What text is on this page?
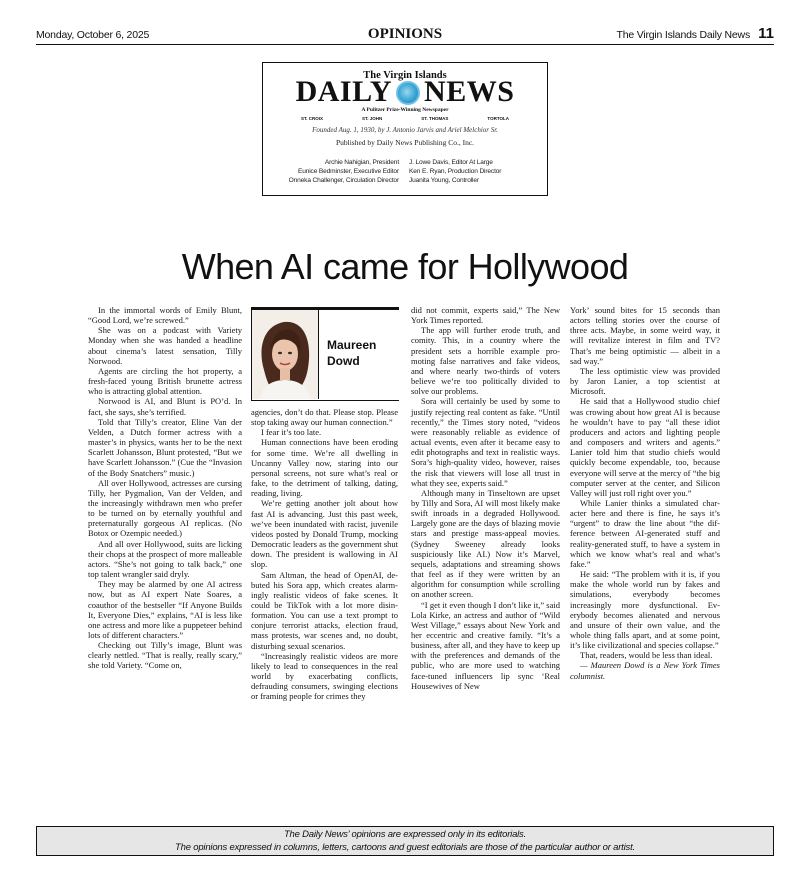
Monday, October 6, 2025	OPINIONS	The Virgin Islands Daily News 11
The Virgin Islands
DAILY NEWS
A Pulitzer Prize-Winning Newspaper
ST. CROIX	ST. JOHN	ST. THOMAS	TORTOLA
Founded Aug. 1, 1930, by J. Antonio Jarvis and Ariel Melchior Sr.
Published by Daily News Publishing Co., Inc.
Archie Nahigian, President
Eunice Bedminster, Executive Editor
Onneka Challenger, Circulation Director
J. Lowe Davis, Editor At Large
Ken E. Ryan, Production Director
Juanita Young, Controller
When AI came for Hollywood

In the immortal words of Emily Blunt, “Good Lord, we’re screwed.”

She was on a podcast with Variety Monday when she was handed a headline about cinema’s latest sensation, Tilly Norwood.

Agents are circling the hot property, a fresh-faced young British brunette actress who is attracting global attention.

Norwood is AI, and Blunt is PO’d. In fact, she says, she’s terrified.

Told that Tilly’s creator, Eline Van der Velden, a Dutch former actress with a master’s in physics, wants her to be the next Scarlett Johansson, Blunt protested, “But we have Scarlett Johansson.” (Cue the “Invasion of the Body Snatchers” music.)

All over Hollywood, actresses are cursing Tilly, her Pygmalion, Van der Velden, and the increasingly withdrawn men who prefer to be turned on by eternally youthful and preternaturally gorgeous AI replicas. (No Botox or Ozempic needed.)

And all over Hollywood, suits are licking their chops at the prospect of more malleable actors. “She’s not going to talk back,” one top talent wrangler said dryly.

They may be alarmed by one AI actress now, but as AI expert Nate Soares, a coauthor of the bestseller “If Anyone Builds It, Everyone Dies,” explains, “AI is less like one actress and more like a puppeteer behind lots of different characters.”

Checking out Tilly’s image, Blunt was clearly nettled. “That is really, really scary,” she told Variety. “Come on,

Maureen
Dowd

agencies, don’t do that. Please stop. Please stop taking away our human connection.”

I fear it’s too late.

Human connections have been eroding for some time. We’re all dwelling in Uncanny Valley now, staring into our personal screens, not sure what’s real or fake, to the detriment of talking, dating, reading, living.

We’re getting another jolt about how fast AI is advancing. Just this past week, we’ve been inundated with racist, juvenile videos posted by Donald Trump, mocking Democratic leaders as the government shut down. The president is wallowing in AI slop.

Sam Altman, the head of OpenAI, debuted his Sora app, which creates alarmingly realistic videos of fake scenes. It could be TikTok with a lot more disinformation. You can use a text prompt to conjure terrorist attacks, election fraud, mass protests, war scenes and, no doubt, disturbing sexual scenarios.

“Increasingly realistic videos are more likely to lead to consequences in the real world by exacerbating conflicts, defrauding consumers, swinging elections or framing people for crimes they

did not commit, experts said,” The New York Times reported.

The app will further erode truth, and comity. This, in a country where the president sets a horrible example promoting false narratives and fake videos, and where nearly two-thirds of voters believe we’re too politically divided to solve our problems.

Sora will certainly be used by some to justify rejecting real content as fake. “Until recently,” the Times story noted, “videos were reasonably reliable as evidence of actual events, even after it became easy to edit photographs and text in realistic ways. Sora’s high-quality video, however, raises the risk that viewers will lose all trust in what they see, experts said.”

Although many in Tinseltown are upset by Tilly and Sora, AI will most likely make swift inroads in a degraded Hollywood. Largely gone are the days of blazing movie stars and prestige mass-appeal movies. (Sydney Sweeney already looks suspiciously like AI.) Now it’s Marvel, sequels, adaptations and streaming shows that feel as if they were written by an algorithm for consumption while scrolling on another screen.

“I get it even though I don’t like it,” said Lola Kirke, an actress and author of “Wild West Village,” essays about New York and her eccentric and creative family. “It’s a business, after all, and they have to keep up with the preferences and demands of the public, who are more used to watching face-tuned influencers lip sync ‘Real Housewives of New

York’ sound bites for 15 seconds than actors telling stories over the course of three acts. Maybe, in some weird way, it will revitalize interest in film and TV? That’s me being optimistic — albeit in a sad way.”

The less optimistic view was provided by Jaron Lanier, a top scientist at Microsoft.

He said that a Hollywood studio chief was crowing about how great AI is because he wouldn’t have to pay “all these idiot producers and actors and lighting people and composers and writers and agents.” Lanier told him that studio chiefs would quickly become expendable, too, because everyone will serve at the mercy of “the big computer server at the center, and Silicon Valley will just roll right over you.”

While Lanier thinks a simulated character here and there is fine, he says it’s “urgent” to draw the line about “the difference between AI-generated stuff and reality-generated stuff, to have a system in which we know what’s real and what’s fake.”

He said: “The problem with it is, if you make the whole world run by fakes and simulations, everybody becomes increasingly more dysfunctional. Everybody becomes alienated and nervous and unsure of their own value, and the whole thing falls apart, and at some point, it’s like civilizational and species collapse.”

That, readers, would be less than ideal.

— Maureen Dowd is a New York Times columnist.

The Daily News’ opinions are expressed only in its editorials.
The opinions expressed in columns, letters, cartoons and guest editorials are those of the particular author or artist.
